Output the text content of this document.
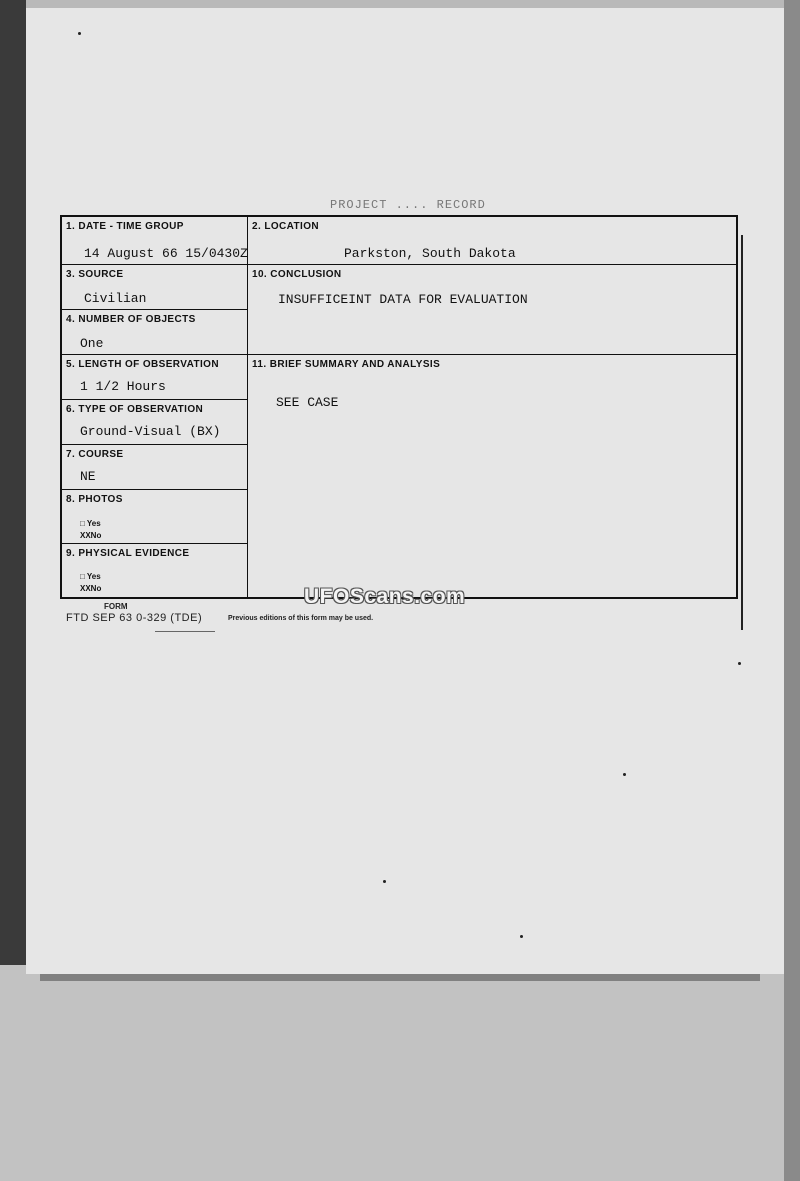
PROJECT .... RECORD
1. DATE - TIME GROUP
14 August 66 15/0430Z
2. LOCATION
Parkston, South Dakota
3. SOURCE
Civilian
10. CONCLUSION
INSUFFICEINT DATA FOR EVALUATION
4. NUMBER OF OBJECTS
One
5. LENGTH OF OBSERVATION
1 1/2 Hours
11. BRIEF SUMMARY AND ANALYSIS
SEE CASE
6. TYPE OF OBSERVATION
Ground-Visual (BX)
7. COURSE
NE
8. PHOTOS
□ Yes
XXNo
9. PHYSICAL EVIDENCE
□ Yes
XXNo	UFOScans.com
FORM
FTD SEP 63 0-329 (TDE)	Previous editions of this form may be used.
